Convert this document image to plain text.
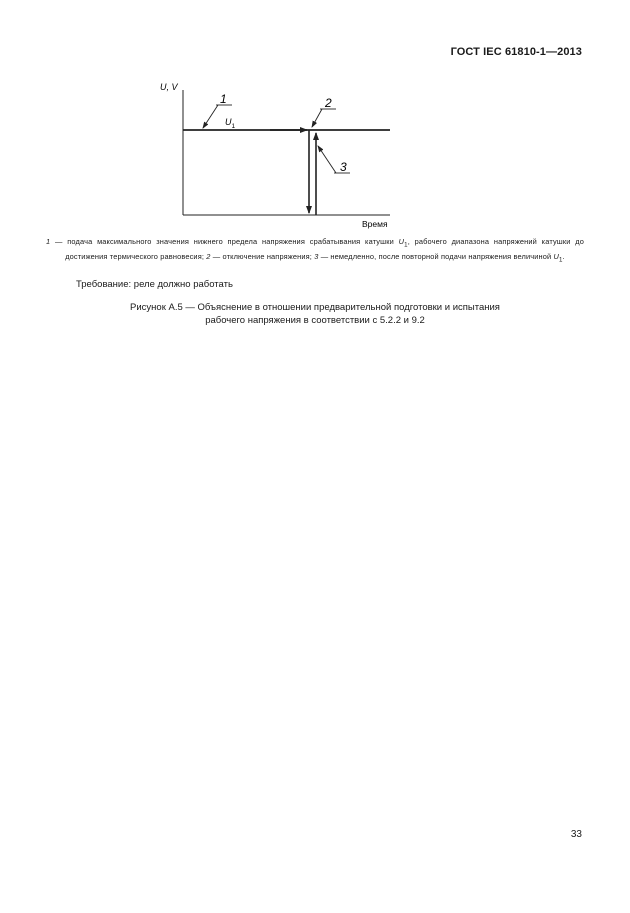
ГОСТ IEC 61810-1—2013
U, V
Время
$U_1$
1	2
3
1 — подача максимального значения нижнего предела напряжения срабатывания катушки $U_1$, рабочего диапазона напряжений катушки до достижения термического равновесия; 2 — отключение напряжения; 3 — немедленно, после повторной подачи напряжения величиной $U_1$.
Требование: реле должно работать
Рисунок А.5 — Объяснение в отношении предварительной подготовки и испытания
рабочего напряжения в соответствии с 5.2.2 и 9.2
33
